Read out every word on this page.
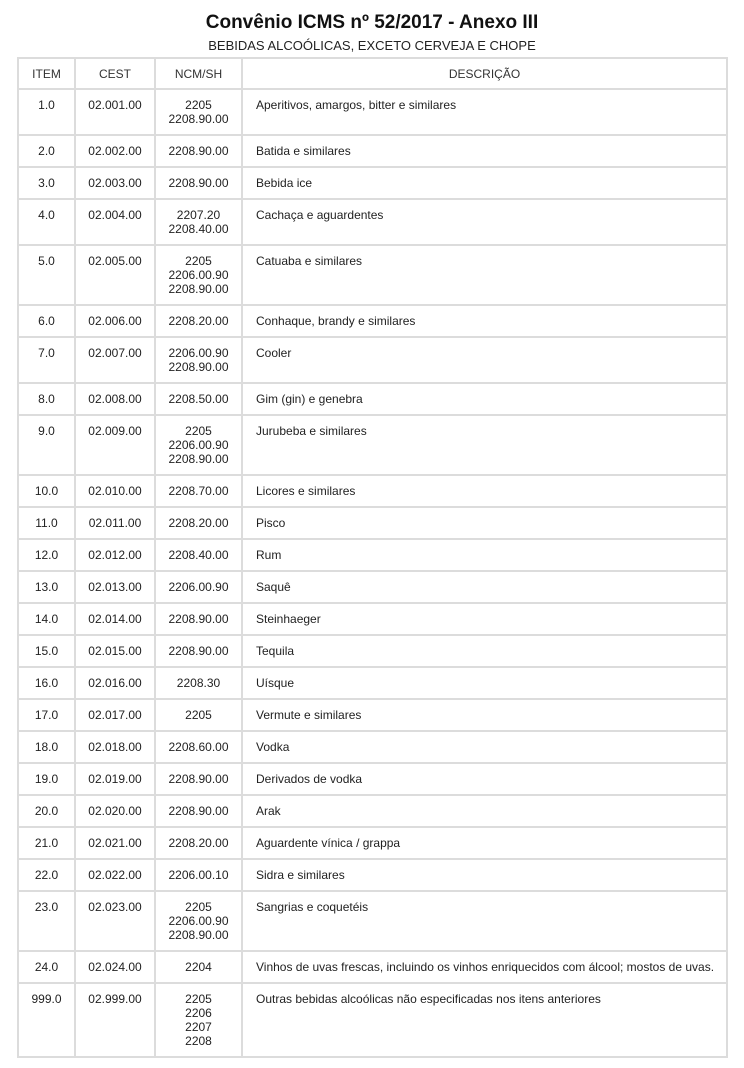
Convênio ICMS nº 52/2017 - Anexo III
BEBIDAS ALCOÓLICAS, EXCETO CERVEJA E CHOPE
ITEM	CEST	NCM/SH	DESCRIÇÃO
1.0	02.001.00	2205
2208.90.00	Aperitivos, amargos, bitter e similares
2.0	02.002.00	2208.90.00	Batida e similares
3.0	02.003.00	2208.90.00	Bebida ice
4.0	02.004.00	2207.20
2208.40.00	Cachaça e aguardentes
5.0	02.005.00	2205
2206.00.90
2208.90.00	Catuaba e similares
6.0	02.006.00	2208.20.00	Conhaque, brandy e similares
7.0	02.007.00	2206.00.90
2208.90.00	Cooler
8.0	02.008.00	2208.50.00	Gim (gin) e genebra
9.0	02.009.00	2205
2206.00.90
2208.90.00	Jurubeba e similares
10.0	02.010.00	2208.70.00	Licores e similares
11.0	02.011.00	2208.20.00	Pisco
12.0	02.012.00	2208.40.00	Rum
13.0	02.013.00	2206.00.90	Saquê
14.0	02.014.00	2208.90.00	Steinhaeger
15.0	02.015.00	2208.90.00	Tequila
16.0	02.016.00	2208.30	Uísque
17.0	02.017.00	2205	Vermute e similares
18.0	02.018.00	2208.60.00	Vodka
19.0	02.019.00	2208.90.00	Derivados de vodka
20.0	02.020.00	2208.90.00	Arak
21.0	02.021.00	2208.20.00	Aguardente vínica / grappa
22.0	02.022.00	2206.00.10	Sidra e similares
23.0	02.023.00	2205
2206.00.90
2208.90.00	Sangrias e coquetéis
24.0	02.024.00	2204	Vinhos de uvas frescas, incluindo os vinhos enriquecidos com álcool; mostos de uvas.
999.0	02.999.00	2205
2206
2207
2208	Outras bebidas alcoólicas não especificadas nos itens anteriores
